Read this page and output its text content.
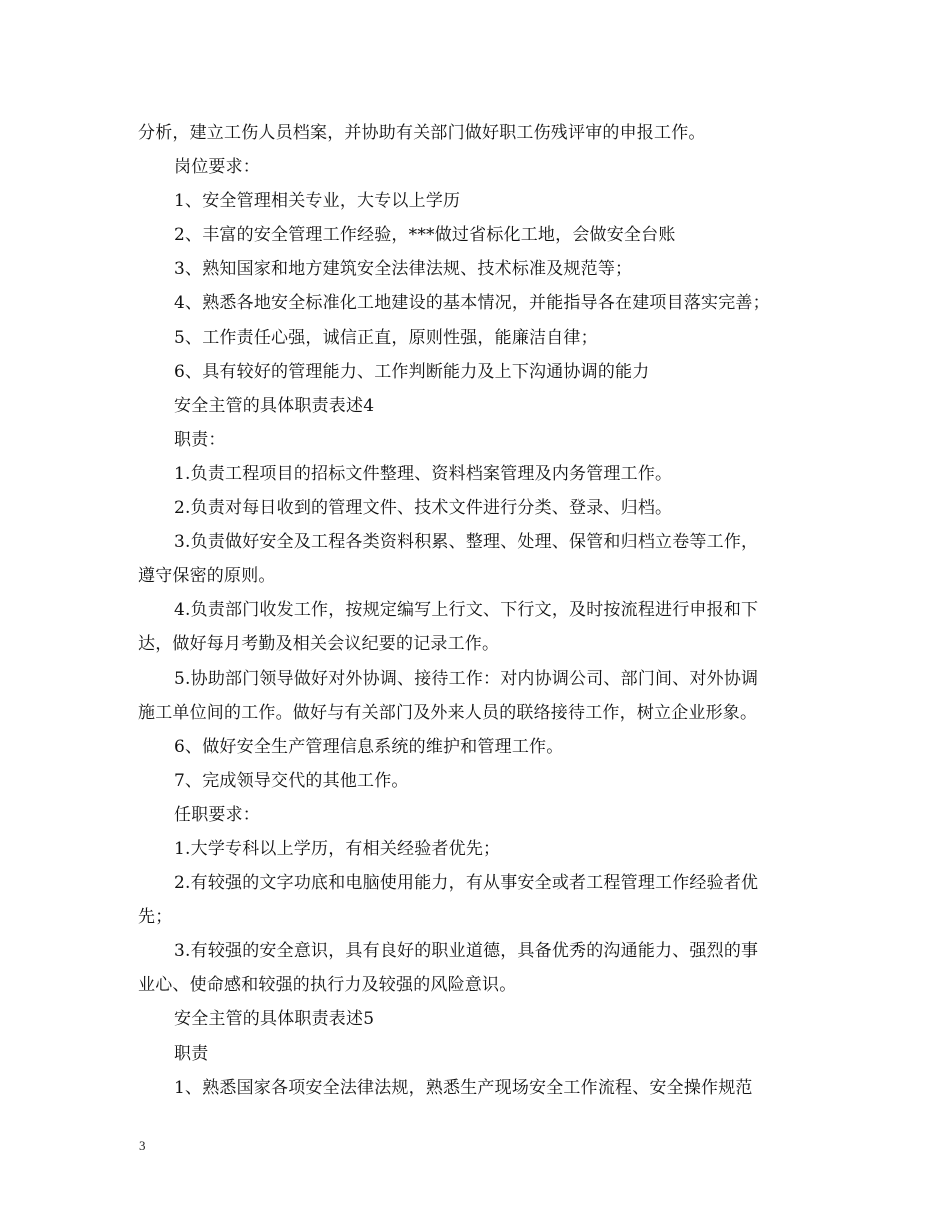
分析，建立工伤人员档案，并协助有关部门做好职工伤残评审的申报工作。
岗位要求：
1、安全管理相关专业，大专以上学历
2、丰富的安全管理工作经验，***做过省标化工地，会做安全台账
3、熟知国家和地方建筑安全法律法规、技术标准及规范等；
4、熟悉各地安全标准化工地建设的基本情况，并能指导各在建项目落实完善；
5、工作责任心强，诚信正直，原则性强，能廉洁自律；
6、具有较好的管理能力、工作判断能力及上下沟通协调的能力
安全主管的具体职责表述4
职责：
1.负责工程项目的招标文件整理、资料档案管理及内务管理工作。
2.负责对每日收到的管理文件、技术文件进行分类、登录、归档。
3.负责做好安全及工程各类资料积累、整理、处理、保管和归档立卷等工作，
遵守保密的原则。
4.负责部门收发工作，按规定编写上行文、下行文，及时按流程进行申报和下
达，做好每月考勤及相关会议纪要的记录工作。
5.协助部门领导做好对外协调、接待工作：对内协调公司、部门间、对外协调
施工单位间的工作。做好与有关部门及外来人员的联络接待工作，树立企业形象。
6、做好安全生产管理信息系统的维护和管理工作。
7、完成领导交代的其他工作。
任职要求：
1.大学专科以上学历，有相关经验者优先；
2.有较强的文字功底和电脑使用能力，有从事安全或者工程管理工作经验者优
先；
3.有较强的安全意识，具有良好的职业道德，具备优秀的沟通能力、强烈的事
业心、使命感和较强的执行力及较强的风险意识。
安全主管的具体职责表述5
职责
1、熟悉国家各项安全法律法规，熟悉生产现场安全工作流程、安全操作规范
3
